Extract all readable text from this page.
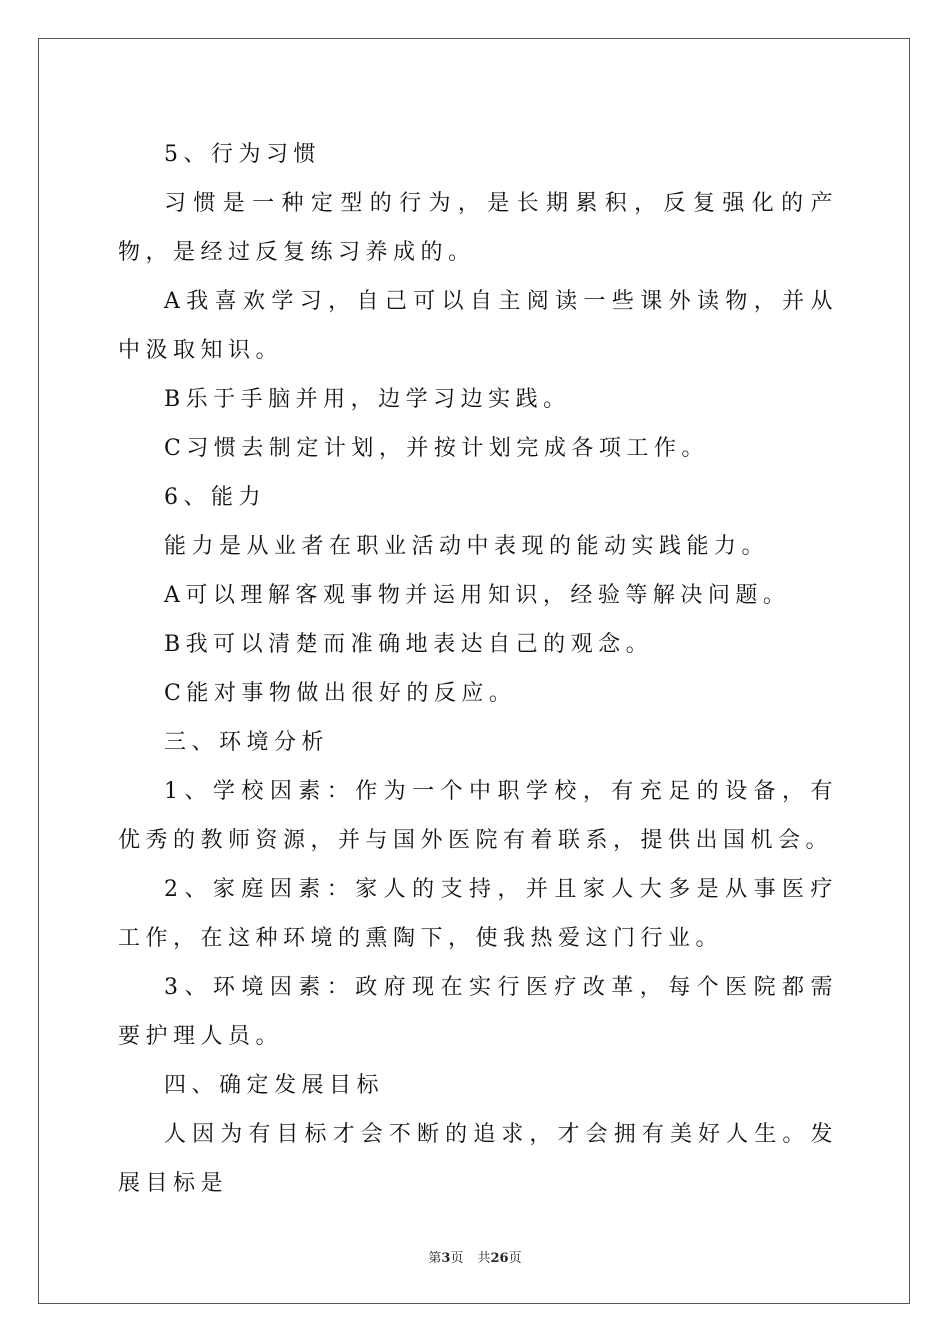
5、行为习惯

习惯是一种定型的行为，是长期累积，反复强化的产物，是经过反复练习养成的。

A我喜欢学习，自己可以自主阅读一些课外读物，并从中汲取知识。

B乐于手脑并用，边学习边实践。

C习惯去制定计划，并按计划完成各项工作。

6、能力

能力是从业者在职业活动中表现的能动实践能力。

A可以理解客观事物并运用知识，经验等解决问题。

B我可以清楚而准确地表达自己的观念。

C能对事物做出很好的反应。

三、环境分析

1、学校因素：作为一个中职学校，有充足的设备，有优秀的教师资源，并与国外医院有着联系，提供出国机会。

2、家庭因素：家人的支持，并且家人大多是从事医疗工作，在这种环境的熏陶下，使我热爱这门行业。

3、环境因素：政府现在实行医疗改革，每个医院都需要护理人员。

四、确定发展目标

人因为有目标才会不断的追求，才会拥有美好人生。发展目标是

第3页 共26页
